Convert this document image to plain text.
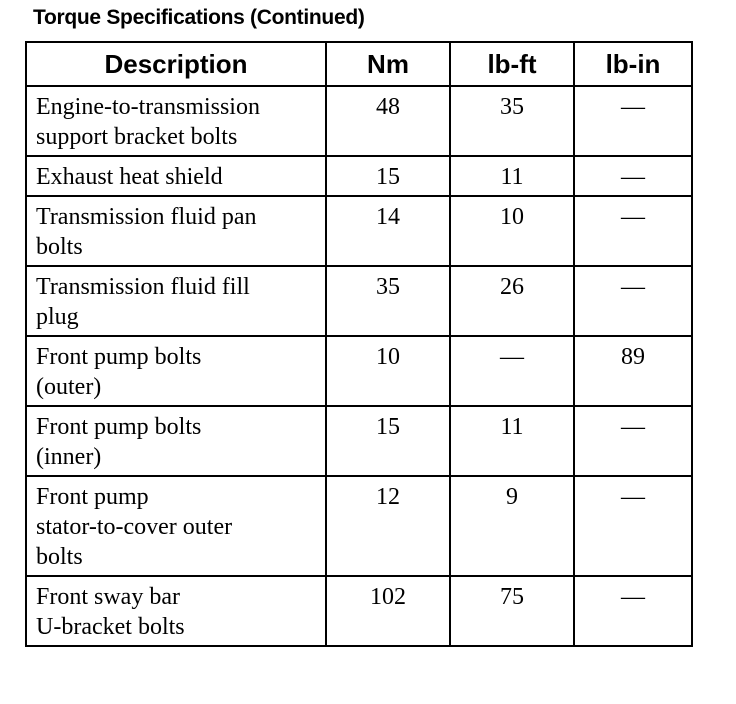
Torque Specifications (Continued)
Description	Nm	lb-ft	lb-in
Engine-to-transmission
support bracket bolts	48	35	—
Exhaust heat shield	15	11	—
Transmission fluid pan
bolts	14	10	—
Transmission fluid fill
plug	35	26	—
Front pump bolts
(outer)	10	—	89
Front pump bolts
(inner)	15	11	—
Front pump
stator-to-cover outer
bolts	12	9	—
Front sway bar
U-bracket bolts	102	75	—
